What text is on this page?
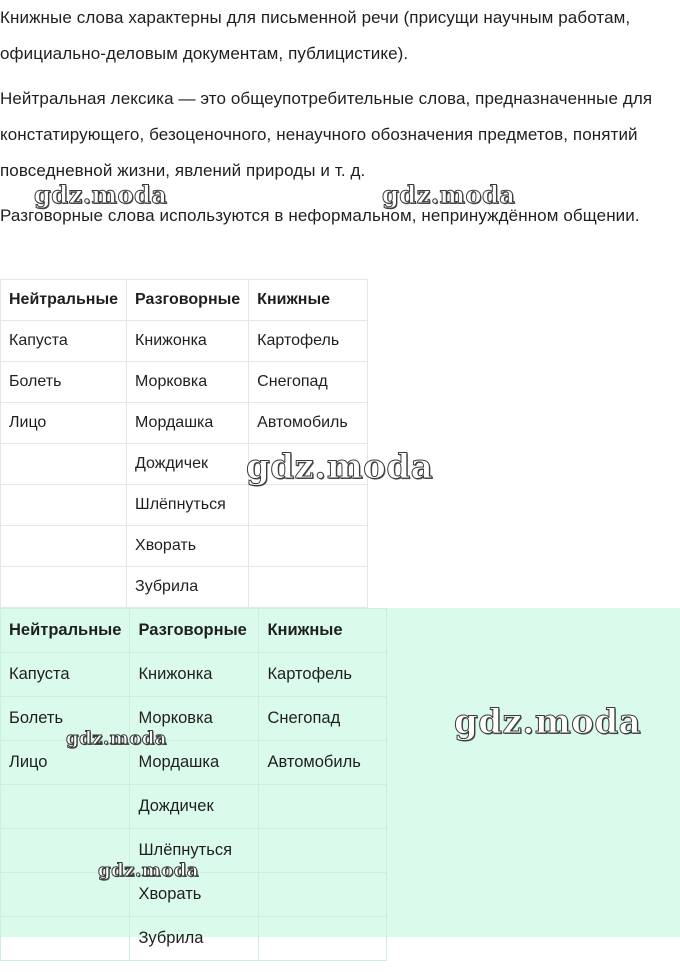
Книжные слова характерны для письменной речи (присущи научным работам, официально-деловым документам, публицистике).

Нейтральная лексика — это общеупотребительные слова, предназначенные для констатирующего, безоценочного, ненаучного обозначения предметов, понятий повседневной жизни, явлений природы и т. д.

Разговорные слова используются в неформальном, непринуждённом общении.

Нейтральные	Разговорные	Книжные
Капуста	Книжонка	Картофель
Болеть	Морковка	Снегопад
Лицо	Мордашка	Автомобиль
	Дождичек	
	Шлёпнуться	
	Хворать	
	Зубрила	
Нейтральные	Разговорные	Книжные
Капуста	Книжонка	Картофель
Болеть	Морковка	Снегопад
Лицо	Мордашка	Автомобиль
	Дождичек	
	Шлёпнуться	
	Хворать	
	Зубрила	
gdz.moda	gdz.moda
gdz.moda
gdz.moda
gdz.moda
gdz.moda
